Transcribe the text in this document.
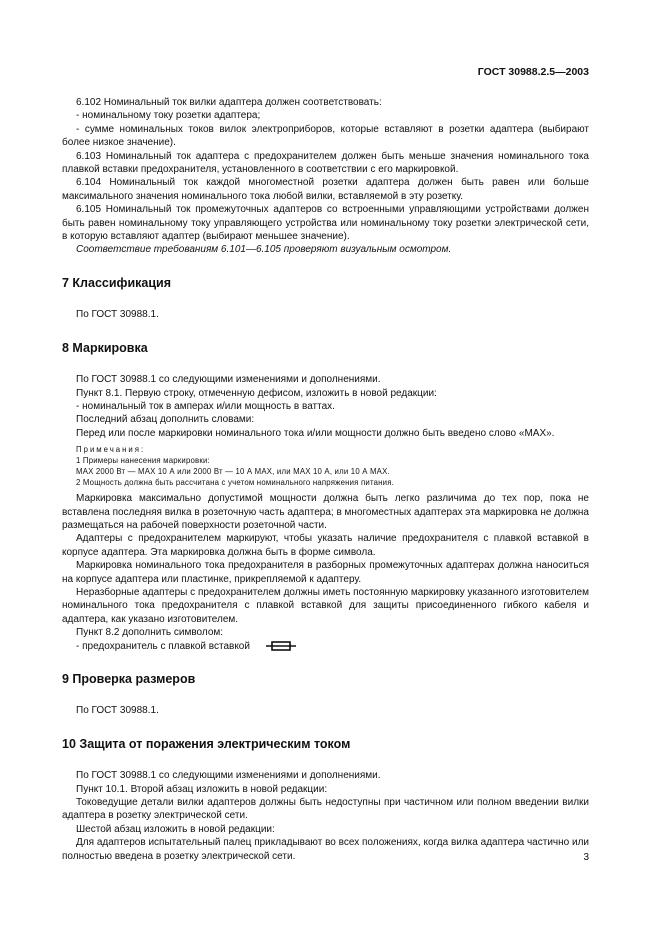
ГОСТ 30988.2.5—2003

6.102 Номинальный ток вилки адаптера должен соответствовать:

- номинальному току розетки адаптера;

- сумме номинальных токов вилок электроприборов, которые вставляют в розетки адаптера (выбирают более низкое значение).

6.103 Номинальный ток адаптера с предохранителем должен быть меньше значения номинального тока плавкой вставки предохранителя, установленного в соответствии с его маркировкой.

6.104 Номинальный ток каждой многоместной розетки адаптера должен быть равен или больше максимального значения номинального тока любой вилки, вставляемой в эту розетку.

6.105 Номинальный ток промежуточных адаптеров со встроенными управляющими устройствами должен быть равен номинальному току управляющего устройства или номинальному току розетки электрической сети, в которую вставляют адаптер (выбирают меньшее значение).

Соответствие требованиям 6.101—6.105 проверяют визуальным осмотром.

7 Классификация

По ГОСТ 30988.1.

8 Маркировка

По ГОСТ 30988.1 со следующими изменениями и дополнениями.

Пункт 8.1. Первую строку, отмеченную дефисом, изложить в новой редакции:

- номинальный ток в амперах и/или мощность в ваттах.

Последний абзац дополнить словами:

Перед или после маркировки номинального тока и/или мощности должно быть введено слово «MAX».

Примечания:

1 Примеры нанесения маркировки:

MAX 2000 Вт — MAX 10 А или 2000 Вт — 10 А MAX, или MAX 10 А, или 10 А MAX.

2 Мощность должна быть рассчитана с учетом номинального напряжения питания.

Маркировка максимально допустимой мощности должна быть легко различима до тех пор, пока не вставлена последняя вилка в розеточную часть адаптера; в многоместных адаптерах эта маркировка не должна размещаться на рабочей поверхности розеточной части.

Адаптеры с предохранителем маркируют, чтобы указать наличие предохранителя с плавкой вставкой в корпусе адаптера. Эта маркировка должна быть в форме символа.

Маркировка номинального тока предохранителя в разборных промежуточных адаптерах должна наноситься на корпусе адаптера или пластинке, прикрепляемой к адаптеру.

Неразборные адаптеры с предохранителем должны иметь постоянную маркировку указанного изготовителем номинального тока предохранителя с плавкой вставкой для защиты присоединенного гибкого кабеля и адаптера, как указано изготовителем.

Пункт 8.2 дополнить символом:

- предохранитель с плавкой вставкой
9 Проверка размеров

По ГОСТ 30988.1.

10 Защита от поражения электрическим током

По ГОСТ 30988.1 со следующими изменениями и дополнениями.

Пункт 10.1. Второй абзац изложить в новой редакции:

Токоведущие детали вилки адаптеров должны быть недоступны при частичном или полном введении вилки адаптера в розетку электрической сети.

Шестой абзац изложить в новой редакции:

Для адаптеров испытательный палец прикладывают во всех положениях, когда вилка адаптера частично или полностью введена в розетку электрической сети.	3
